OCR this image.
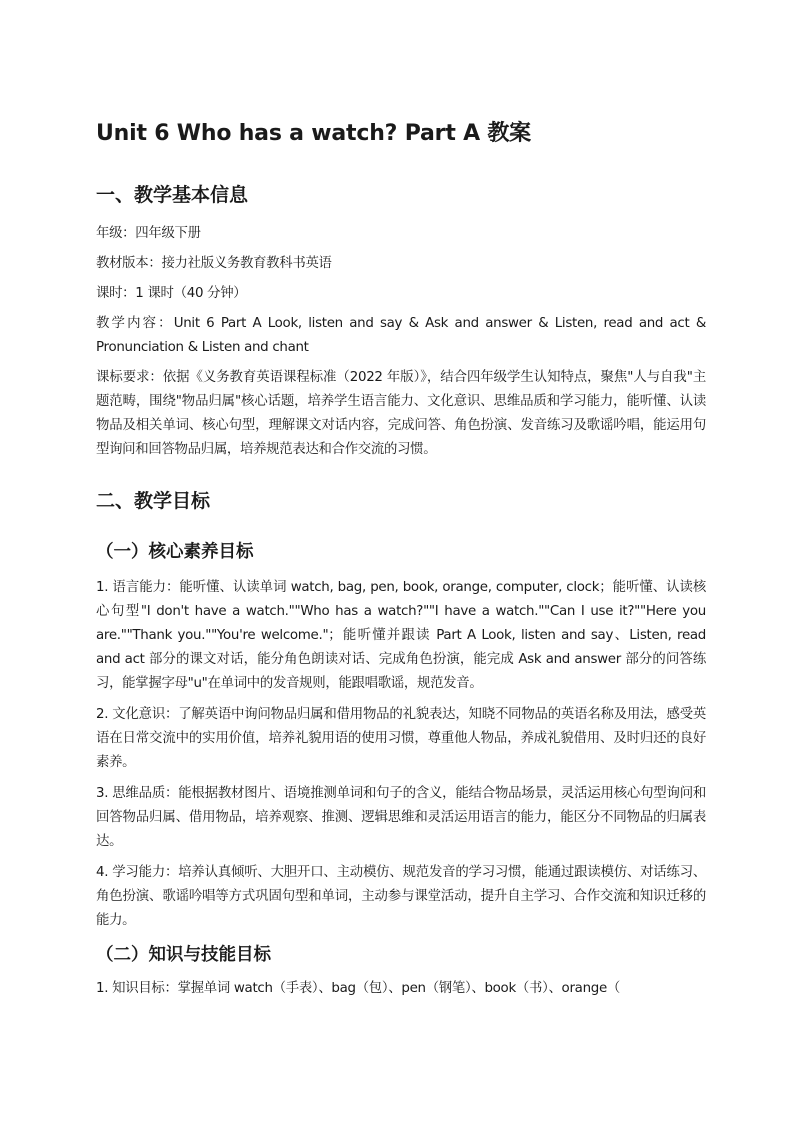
Unit 6 Who has a watch? Part A 教案
一、教学基本信息

年级：四年级下册

教材版本：接力社版义务教育教科书英语

课时：1 课时（40 分钟）

教学内容：Unit 6 Part A Look, listen and say & Ask and answer & Listen, read and act & Pronunciation & Listen and chant

课标要求：依据《义务教育英语课程标准（2022 年版）》，结合四年级学生认知特点，聚焦"人与自我"主题范畴，围绕"物品归属"核心话题，培养学生语言能力、文化意识、思维品质和学习能力，能听懂、认读物品及相关单词、核心句型，理解课文对话内容，完成问答、角色扮演、发音练习及歌谣吟唱，能运用句型询问和回答物品归属，培养规范表达和合作交流的习惯。

二、教学目标
（一）核心素养目标

1. 语言能力：能听懂、认读单词 watch, bag, pen, book, orange, computer, clock；能听懂、认读核心句型"I don't have a watch.""Who has a watch?""I have a watch.""Can I use it?""Here you are.""Thank you.""You're welcome."；能听懂并跟读 Part A Look, listen and say、Listen, read and act 部分的课文对话，能分角色朗读对话、完成角色扮演，能完成 Ask and answer 部分的问答练习，能掌握字母"u"在单词中的发音规则，能跟唱歌谣，规范发音。

2. 文化意识：了解英语中询问物品归属和借用物品的礼貌表达，知晓不同物品的英语名称及用法，感受英语在日常交流中的实用价值，培养礼貌用语的使用习惯，尊重他人物品，养成礼貌借用、及时归还的良好素养。

3. 思维品质：能根据教材图片、语境推测单词和句子的含义，能结合物品场景，灵活运用核心句型询问和回答物品归属、借用物品，培养观察、推测、逻辑思维和灵活运用语言的能力，能区分不同物品的归属表达。

4. 学习能力：培养认真倾听、大胆开口、主动模仿、规范发音的学习习惯，能通过跟读模仿、对话练习、角色扮演、歌谣吟唱等方式巩固句型和单词，主动参与课堂活动，提升自主学习、合作交流和知识迁移的能力。

（二）知识与技能目标

1. 知识目标：掌握单词 watch（手表）、bag（包）、pen（钢笔）、book（书）、orange（
